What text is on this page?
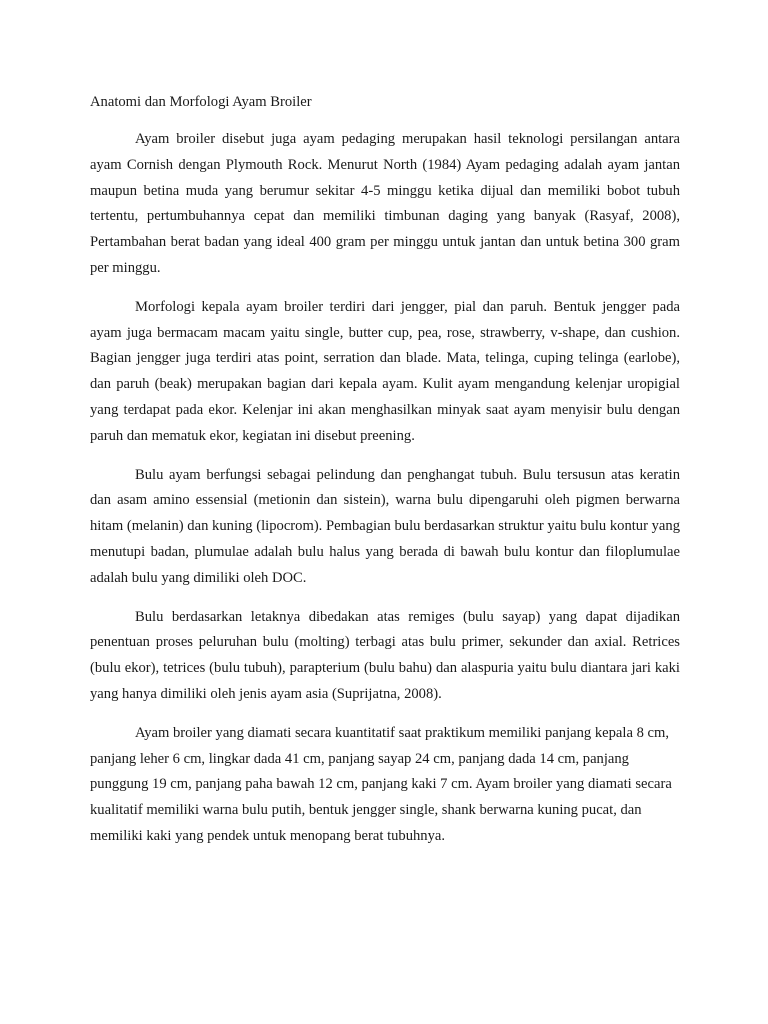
Anatomi dan Morfologi Ayam Broiler

Ayam broiler disebut juga ayam pedaging merupakan hasil teknologi persilangan antara ayam Cornish dengan Plymouth Rock. Menurut North (1984) Ayam pedaging adalah ayam jantan maupun betina muda yang berumur sekitar 4-5 minggu ketika dijual dan memiliki bobot tubuh tertentu, pertumbuhannya cepat dan memiliki timbunan daging yang banyak (Rasyaf, 2008), Pertambahan berat badan yang ideal 400 gram per minggu untuk jantan dan untuk betina 300 gram per minggu.

Morfologi kepala ayam broiler terdiri dari jengger, pial dan paruh. Bentuk jengger pada ayam juga bermacam macam yaitu single, butter cup, pea, rose, strawberry, v-shape, dan cushion. Bagian jengger juga terdiri atas point, serration dan blade. Mata, telinga, cuping telinga (earlobe), dan paruh (beak) merupakan bagian dari kepala ayam. Kulit ayam mengandung kelenjar uropigial yang terdapat pada ekor. Kelenjar ini akan menghasilkan minyak saat ayam menyisir bulu dengan paruh dan mematuk ekor, kegiatan ini disebut preening.

Bulu ayam berfungsi sebagai pelindung dan penghangat tubuh. Bulu tersusun atas keratin dan asam amino essensial (metionin dan sistein), warna bulu dipengaruhi oleh pigmen berwarna hitam (melanin) dan kuning (lipocrom). Pembagian bulu berdasarkan struktur yaitu bulu kontur yang menutupi badan, plumulae adalah bulu halus yang berada di bawah bulu kontur dan filoplumulae adalah bulu yang dimiliki oleh DOC.

Bulu berdasarkan letaknya dibedakan atas remiges (bulu sayap) yang dapat dijadikan penentuan proses peluruhan bulu (molting) terbagi atas bulu primer, sekunder dan axial. Retrices (bulu ekor), tetrices (bulu tubuh), parapterium (bulu bahu) dan alaspuria yaitu bulu diantara jari kaki yang hanya dimiliki oleh jenis ayam asia (Suprijatna, 2008).

Ayam broiler yang diamati secara kuantitatif saat praktikum memiliki panjang kepala 8 cm, panjang leher 6 cm, lingkar dada 41 cm, panjang sayap 24 cm, panjang dada 14 cm, panjang punggung 19 cm, panjang paha bawah 12 cm, panjang kaki 7 cm. Ayam broiler yang diamati secara kualitatif memiliki warna bulu putih, bentuk jengger single, shank berwarna kuning pucat, dan memiliki kaki yang pendek untuk menopang berat tubuhnya.
